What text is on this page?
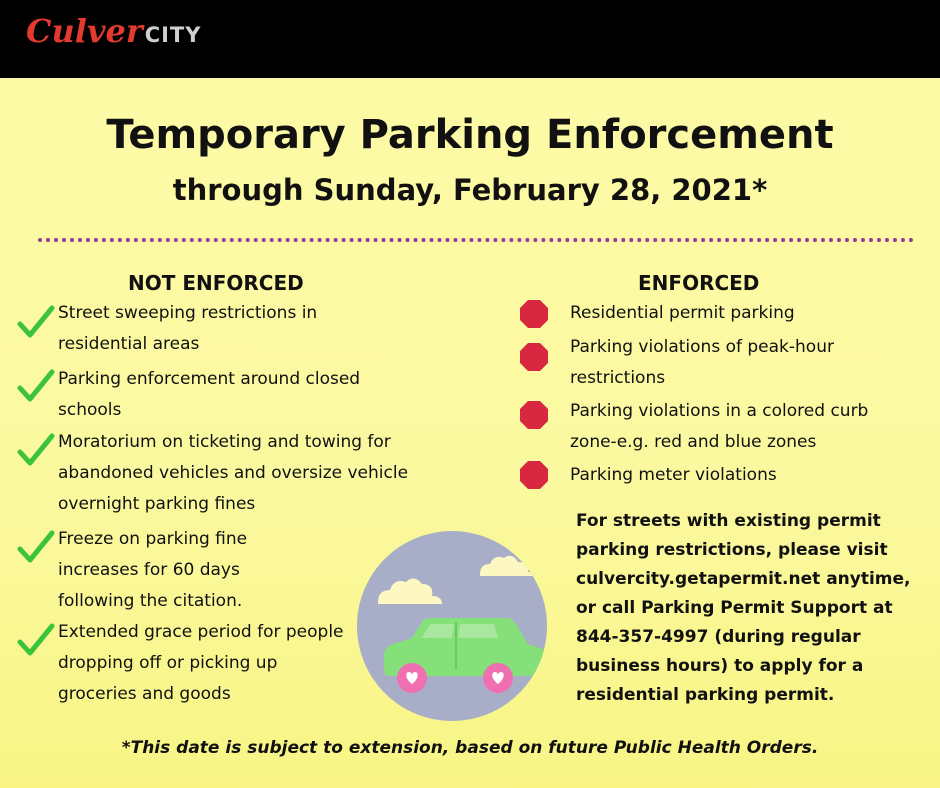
CulverCITY
Temporary Parking Enforcement
through Sunday, February 28, 2021*
NOT ENFORCED
Street sweeping restrictions in residential areas
Parking enforcement around closed schools
Moratorium on ticketing and towing for abandoned vehicles and oversize vehicle overnight parking fines
Freeze on parking fine increases for 60 days following the citation.
Extended grace period for people dropping off or picking up groceries and goods
ENFORCED
Residential permit parking
Parking violations of peak-hour restrictions
Parking violations in a colored curb zone-e.g. red and blue zones
Parking meter violations
For streets with existing permit parking restrictions, please visit culvercity.getapermit.net anytime, or call Parking Permit Support at 844-357-4997 (during regular business hours) to apply for a residential parking permit.
*This date is subject to extension, based on future Public Health Orders.
